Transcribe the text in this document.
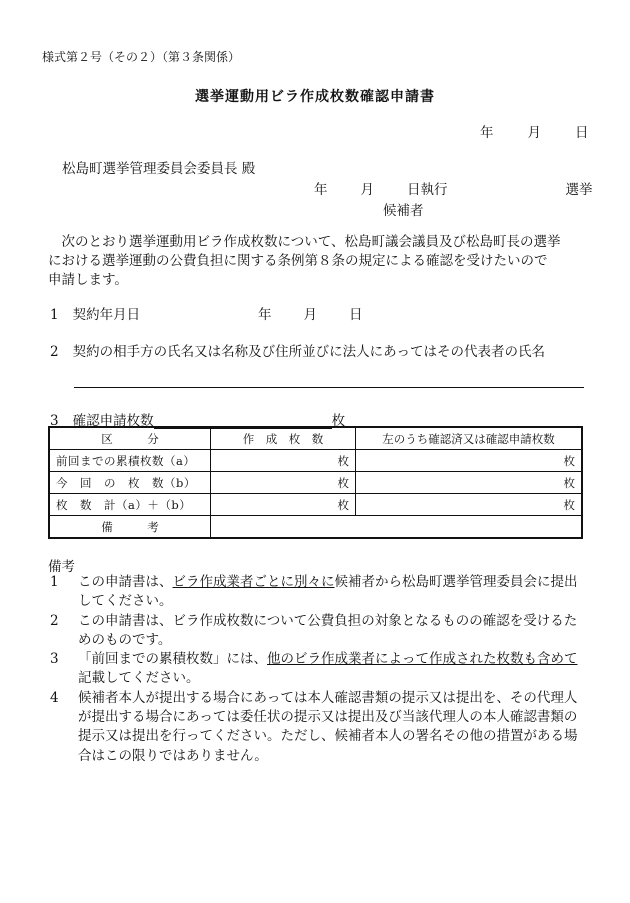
様式第２号（その２）（第３条関係）
選挙運動用ビラ作成枚数確認申請書
年	月	日
松島町選挙管理委員会委員長 殿
年 月 日執行	選挙
候補者

　次のとおり選挙運動用ビラ作成枚数について、松島町議会議員及び松島町長の選挙

における選挙運動の公費負担に関する条例第８条の規定による確認を受けたいので

申請します。

1 契約年月日	年 月 日
2 契約の相手方の氏名又は名称及び住所並びに法人にあってはその代表者の氏名
3 確認申請枚数	枚
区　　　分	作　成　枚　数	左のうち確認済又は確認申請枚数
前回までの累積枚数（a）	枚	枚
今　回　の　枚　数（b）	枚	枚
枚　数　計（a）＋（b）	枚	枚
備　　　考		
備考
1	この申請書は、ビラ作成業者ごとに別々に候補者から松島町選挙管理委員会に提出してください。
2	この申請書は、ビラ作成枚数について公費負担の対象となるものの確認を受けるためのものです。
3	「前回までの累積枚数」には、他のビラ作成業者によって作成された枚数も含めて記載してください。
4	候補者本人が提出する場合にあっては本人確認書類の提示又は提出を、その代理人が提出する場合にあっては委任状の提示又は提出及び当該代理人の本人確認書類の提示又は提出を行ってください。ただし、候補者本人の署名その他の措置がある場合はこの限りではありません。
